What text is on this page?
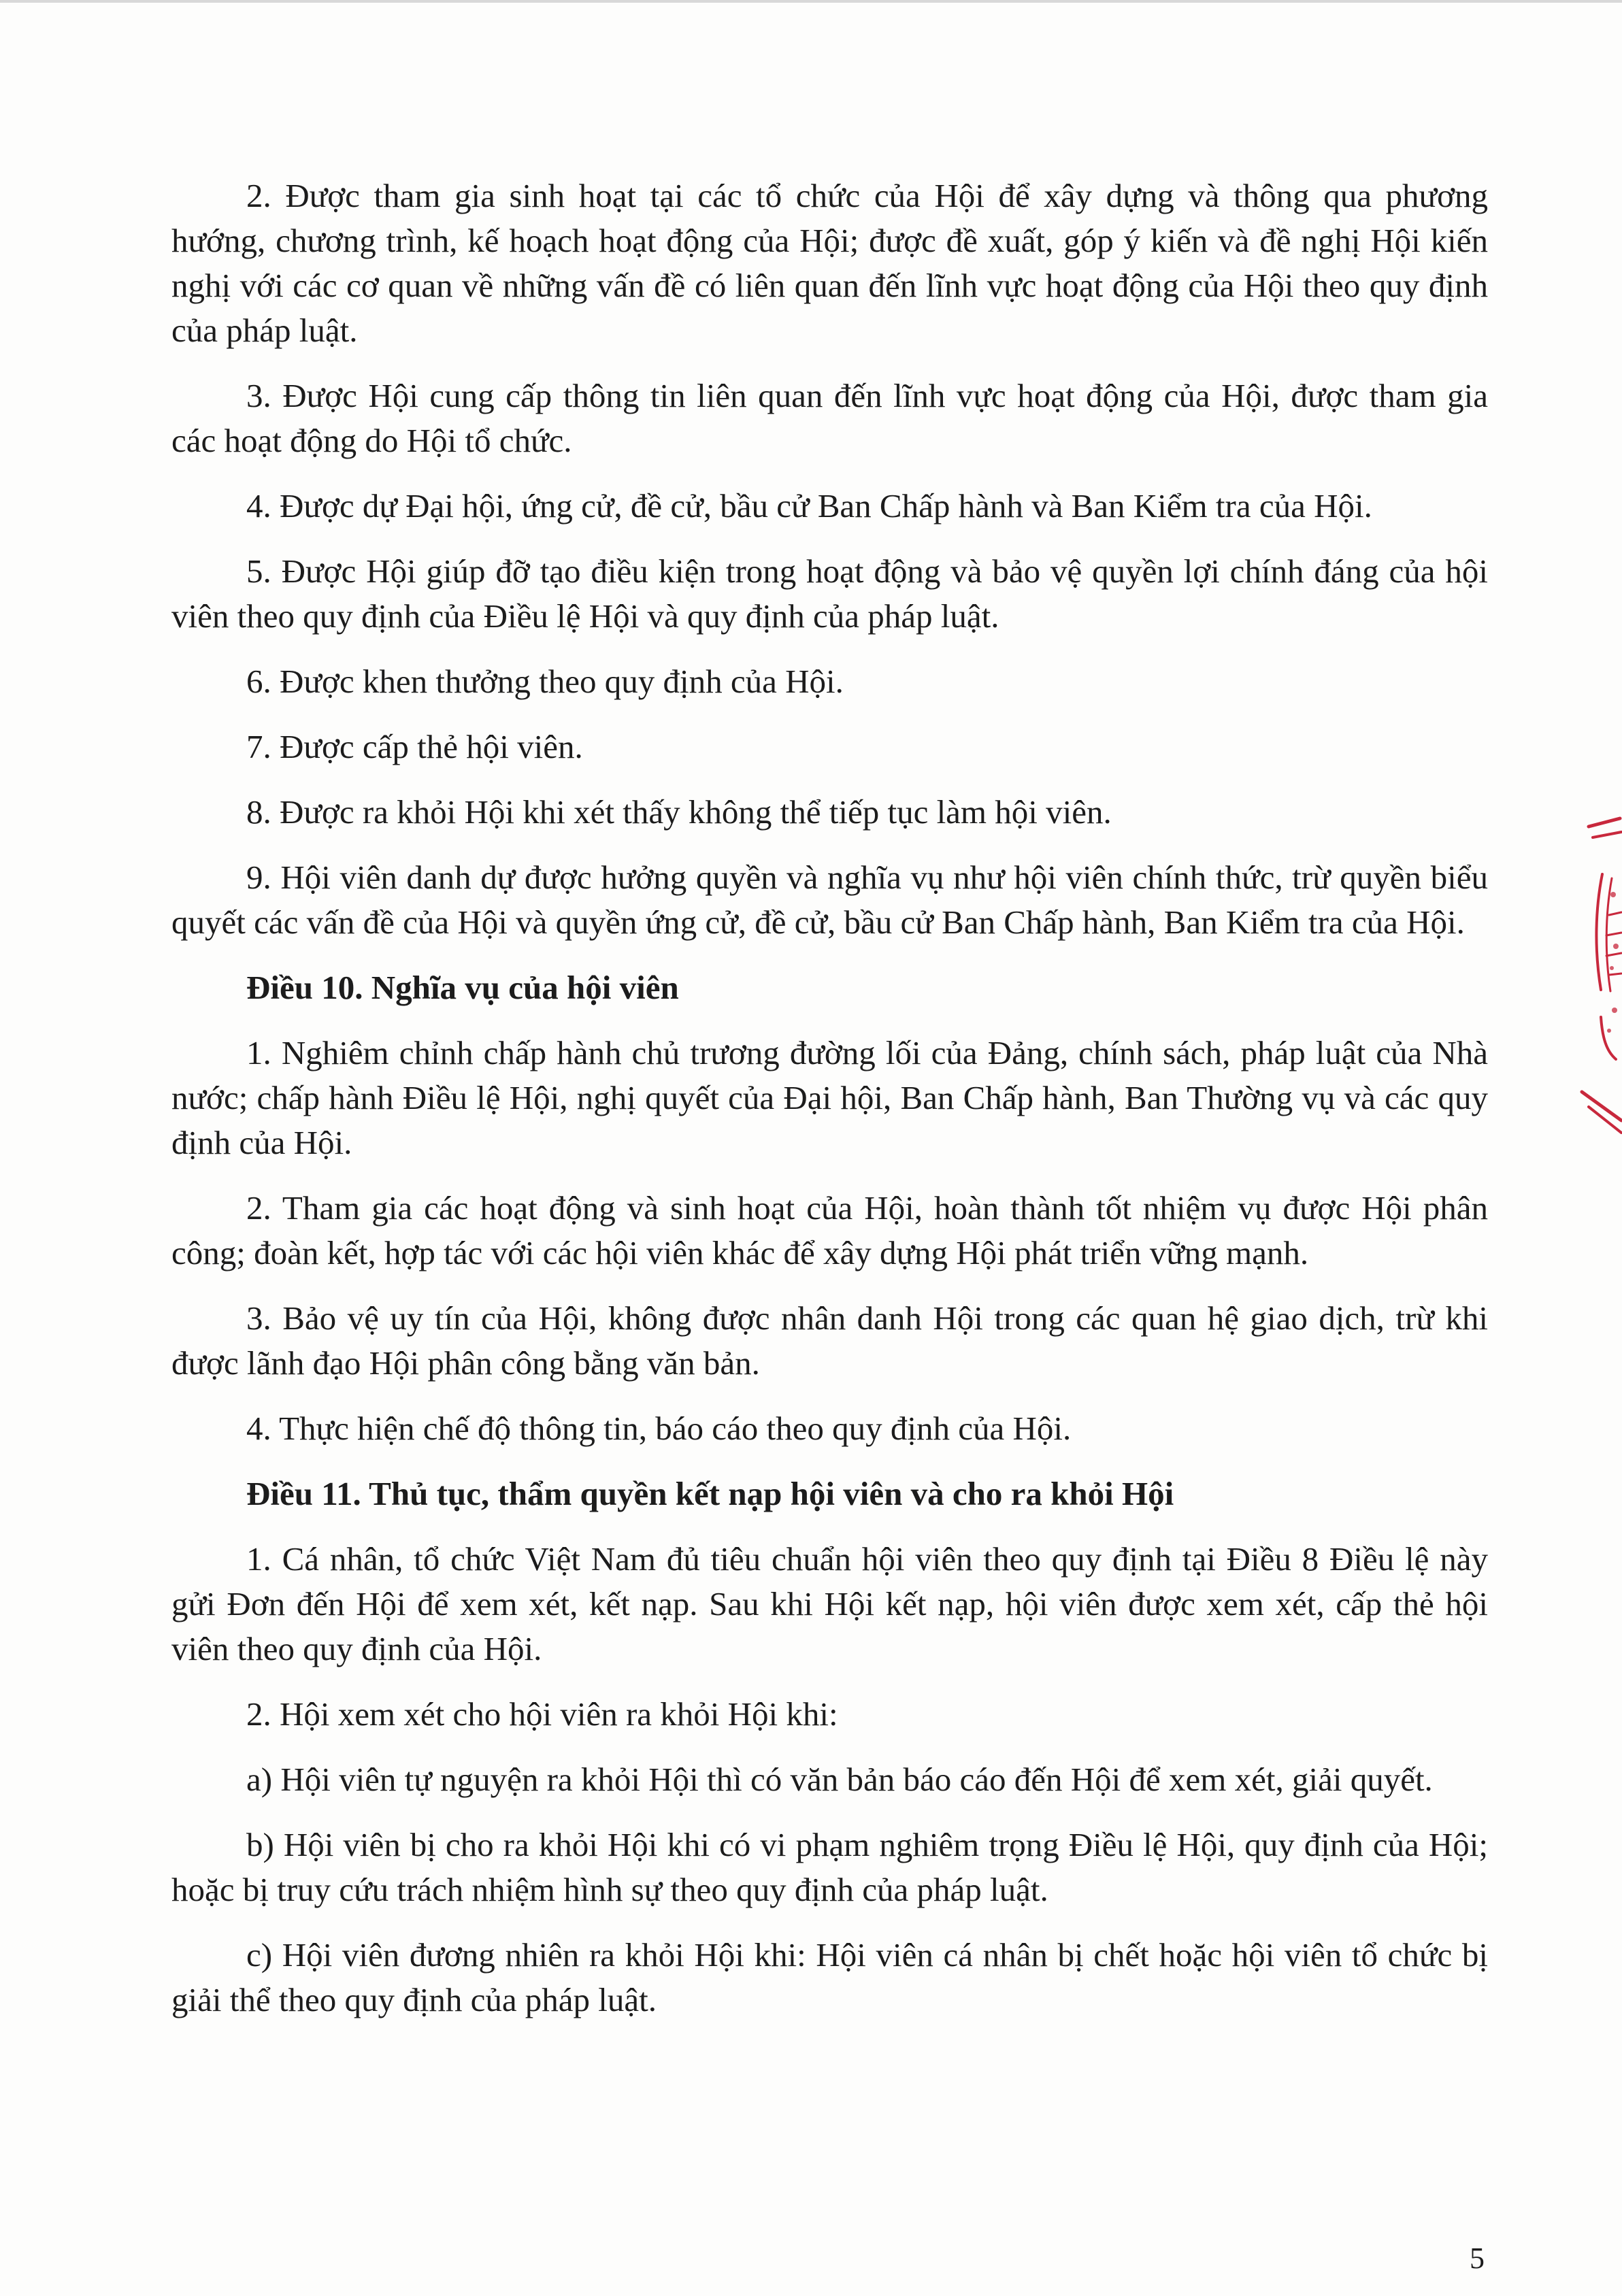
2. Được tham gia sinh hoạt tại các tổ chức của Hội để xây dựng và thông qua phương hướng, chương trình, kế hoạch hoạt động của Hội; được đề xuất, góp ý kiến và đề nghị Hội kiến nghị với các cơ quan về những vấn đề có liên quan đến lĩnh vực hoạt động của Hội theo quy định của pháp luật.

3. Được Hội cung cấp thông tin liên quan đến lĩnh vực hoạt động của Hội, được tham gia các hoạt động do Hội tổ chức.

4. Được dự Đại hội, ứng cử, đề cử, bầu cử Ban Chấp hành và Ban Kiểm tra của Hội.

5. Được Hội giúp đỡ tạo điều kiện trong hoạt động và bảo vệ quyền lợi chính đáng của hội viên theo quy định của Điều lệ Hội và quy định của pháp luật.

6. Được khen thưởng theo quy định của Hội.

7. Được cấp thẻ hội viên.

8. Được ra khỏi Hội khi xét thấy không thể tiếp tục làm hội viên.

9. Hội viên danh dự được hưởng quyền và nghĩa vụ như hội viên chính thức, trừ quyền biểu quyết các vấn đề của Hội và quyền ứng cử, đề cử, bầu cử Ban Chấp hành, Ban Kiểm tra của Hội.

Điều 10. Nghĩa vụ của hội viên

1. Nghiêm chỉnh chấp hành chủ trương đường lối của Đảng, chính sách, pháp luật của Nhà nước; chấp hành Điều lệ Hội, nghị quyết của Đại hội, Ban Chấp hành, Ban Thường vụ và các quy định của Hội.

2. Tham gia các hoạt động và sinh hoạt của Hội, hoàn thành tốt nhiệm vụ được Hội phân công; đoàn kết, hợp tác với các hội viên khác để xây dựng Hội phát triển vững mạnh.

3. Bảo vệ uy tín của Hội, không được nhân danh Hội trong các quan hệ giao dịch, trừ khi được lãnh đạo Hội phân công bằng văn bản.

4. Thực hiện chế độ thông tin, báo cáo theo quy định của Hội.

Điều 11. Thủ tục, thẩm quyền kết nạp hội viên và cho ra khỏi Hội

1. Cá nhân, tổ chức Việt Nam đủ tiêu chuẩn hội viên theo quy định tại Điều 8 Điều lệ này gửi Đơn đến Hội để xem xét, kết nạp. Sau khi Hội kết nạp, hội viên được xem xét, cấp thẻ hội viên theo quy định của Hội.

2. Hội xem xét cho hội viên ra khỏi Hội khi:

a) Hội viên tự nguyện ra khỏi Hội thì có văn bản báo cáo đến Hội để xem xét, giải quyết.

b) Hội viên bị cho ra khỏi Hội khi có vi phạm nghiêm trọng Điều lệ Hội, quy định của Hội; hoặc bị truy cứu trách nhiệm hình sự theo quy định của pháp luật.

c) Hội viên đương nhiên ra khỏi Hội khi: Hội viên cá nhân bị chết hoặc hội viên tổ chức bị giải thể theo quy định của pháp luật.

5
